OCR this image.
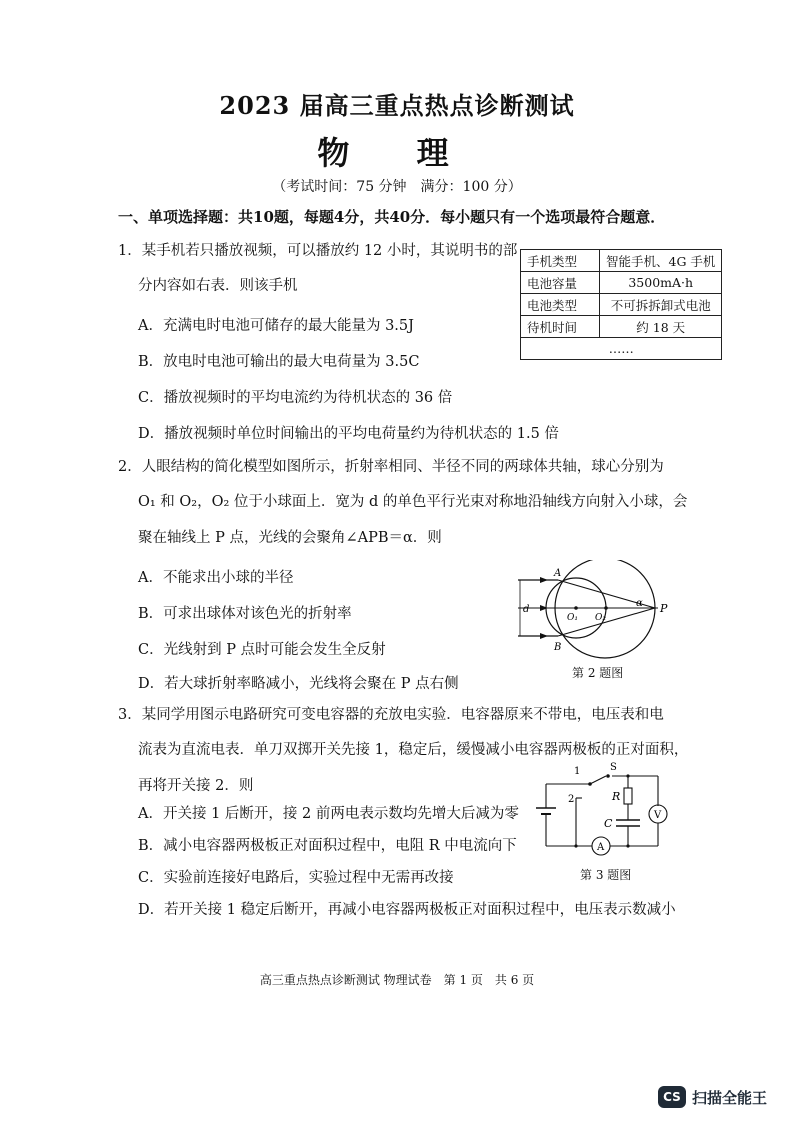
2023 届高三重点热点诊断测试
物 理
（考试时间：75 分钟　满分：100 分）
一、单项选择题：共10题，每题4分，共40分．每小题只有一个选项最符合题意．
1．某手机若只播放视频，可以播放约 12 小时，其说明书的部
分内容如右表．则该手机
A．充满电时电池可储存的最大能量为 3.5J
B．放电时电池可输出的最大电荷量为 3.5C
C．播放视频时的平均电流约为待机状态的 36 倍
D．播放视频时单位时间输出的平均电荷量约为待机状态的 1.5 倍
手机类型	智能手机、4G 手机
电池容量	3500mA·h
电池类型	不可拆拆卸式电池
待机时间	约 18 天
……	
2．人眼结构的简化模型如图所示，折射率相同、半径不同的两球体共轴，球心分别为
O₁ 和 O₂，O₂ 位于小球面上．宽为 d 的单色平行光束对称地沿轴线方向射入小球，会
聚在轴线上 P 点，光线的会聚角∠APB＝α．则
A．不能求出小球的半径
B．可求出球体对该色光的折射率
C．光线射到 P 点时可能会发生全反射
D．若大球折射率略减小，光线将会聚在 P 点右侧
A
B
d
O₁ O₂
α P
第 2 题图
3．某同学用图示电路研究可变电容器的充放电实验．电容器原来不带电，电压表和电
流表为直流电表．单刀双掷开关先接 1，稳定后，缓慢减小电容器两极板的正对面积，
再将开关接 2．则
A．开关接 1 后断开，接 2 前两电表示数均先增大后减为零
B．减小电容器两极板正对面积过程中，电阻 R 中电流向下
C．实验前连接好电路后，实验过程中无需再改接
D．若开关接 1 稳定后断开，再减小电容器两极板正对面积过程中，电压表示数减小
1	S
2	R
C
V
A
第 3 题图
高三重点热点诊断测试 物理试卷　第 1 页　共 6 页
CS 扫描全能王
